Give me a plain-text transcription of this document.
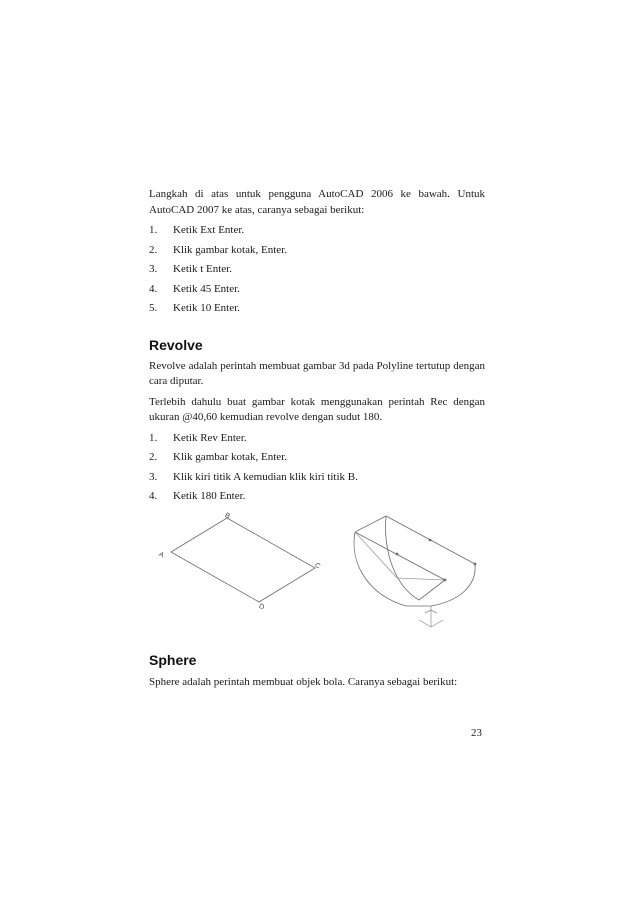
Langkah di atas untuk pengguna AutoCAD 2006 ke bawah. Untuk

AutoCAD 2007 ke atas, caranya sebagai berikut:

1. Ketik Ext Enter.
2. Klik gambar kotak, Enter.
3. Ketik t Enter.
4. Ketik 45 Enter.
5. Ketik 10 Enter.
Revolve

Revolve adalah perintah membuat gambar 3d pada Polyline tertutup dengan cara diputar.

Terlebih dahulu buat gambar kotak menggunakan perintah Rec dengan ukuran @40,60 kemudian revolve dengan sudut 180.

1. Ketik Rev Enter.
2. Klik gambar kotak, Enter.
3. Klik kiri titik A kemudian klik kiri titik B.
4. Ketik 180 Enter.
A
B
C
D
Sphere

Sphere adalah perintah membuat objek bola. Caranya sebagai berikut:

23
